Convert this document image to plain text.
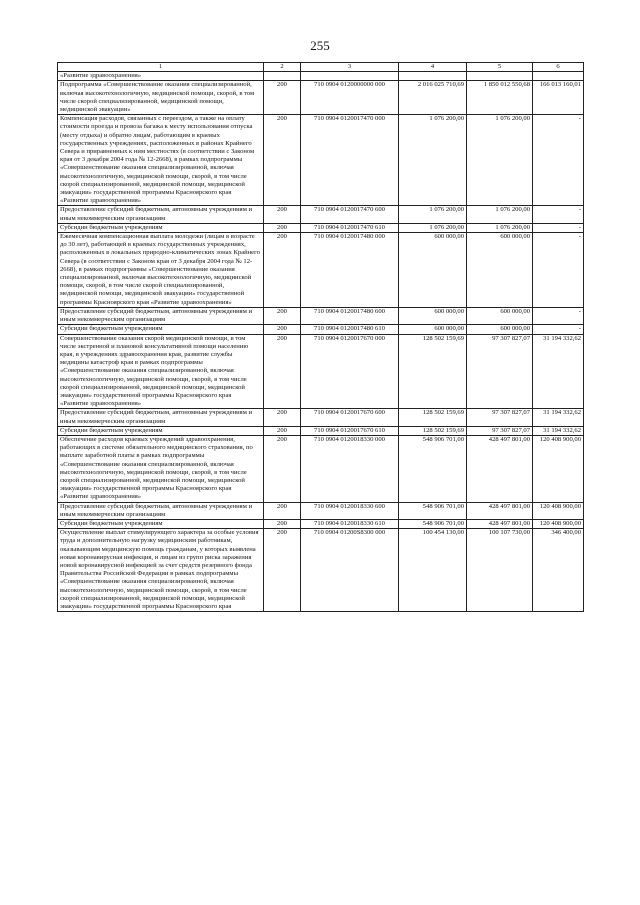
255
1	2	3	4	5	6
«Развитие здравоохранения»					
Подпрограмма «Совершенствование оказания специализированной, включая высокотехнологичную, медицинской помощи, скорой, в том числе скорой специализированной, медицинской помощи, медицинской эвакуации»	200	710 0904 0120000000 000	2 016 025 710,69	1 850 012 550,68	166 013 160,01
Компенсация расходов, связанных с переездом, а также на оплату стоимости проезда и провоза багажа к месту использования отпуска (месту отдыха) и обратно лицам, работающим в краевых государственных учреждениях, расположенных в районах Крайнего Севера и приравненных к ним местностях (в соответствии с Законом края от 3 декабря 2004 года № 12-2668), в рамках подпрограммы «Совершенствование оказания специализированной, включая высокотехнологичную, медицинской помощи, скорой, в том числе скорой специализированной, медицинской помощи, медицинской эвакуации» государственной программы Красноярского края «Развитие здравоохранения»	200	710 0904 0120017470 000	1 076 200,00	1 076 200,00	-
Предоставление субсидий бюджетным, автономным учреждениям и иным некоммерческим организациям	200	710 0904 0120017470 600	1 076 200,00	1 076 200,00	-
Субсидии бюджетным учреждениям	200	710 0904 0120017470 610	1 076 200,00	1 076 200,00	-
Ежемесячная компенсационная выплата молодежи (лицам в возрасте до 30 лет), работающей в краевых государственных учреждениях, расположенных в локальных природно-климатических зонах Крайнего Севера (в соответствии с Законом края от 3 декабря 2004 года № 12-2668), в рамках подпрограммы «Совершенствование оказания специализированной, включая высокотехнологичную, медицинской помощи, скорой, в том числе скорой специализированной, медицинской помощи, медицинской эвакуации» государственной программы Красноярского края «Развитие здравоохранения»	200	710 0904 0120017480 000	600 000,00	600 000,00	-
Предоставление субсидий бюджетным, автономным учреждениям и иным некоммерческим организациям	200	710 0904 0120017480 600	600 000,00	600 000,00	-
Субсидии бюджетным учреждениям	200	710 0904 0120017480 610	600 000,00	600 000,00	-
Совершенствование оказания скорой медицинской помощи, в том числе экстренной и плановой консультативной помощи населению края, в учреждениях здравоохранения края, развитие службы медицины катастроф края в рамках подпрограммы «Совершенствование оказания специализированной, включая высокотехнологичную, медицинской помощи, скорой, в том числе скорой специализированной, медицинской помощи, медицинской эвакуации» государственной программы Красноярского края «Развитие здравоохранения»	200	710 0904 0120017670 000	128 502 159,69	97 307 827,07	31 194 332,62
Предоставление субсидий бюджетным, автономным учреждениям и иным некоммерческим организациям	200	710 0904 0120017670 600	128 502 159,69	97 307 827,07	31 194 332,62
Субсидии бюджетным учреждениям	200	710 0904 0120017670 610	128 502 159,69	97 307 827,07	31 194 332,62
Обеспечение расходов краевых учреждений здравоохранения, работающих в системе обязательного медицинского страхования, по выплате заработной платы в рамках подпрограммы «Совершенствование оказания специализированной, включая высокотехнологичную, медицинской помощи, скорой, в том числе скорой специализированной, медицинской помощи, медицинской эвакуации» государственной программы Красноярского края «Развитие здравоохранения»	200	710 0904 0120018330 000	548 906 701,00	428 497 801,00	120 408 900,00
Предоставление субсидий бюджетным, автономным учреждениям и иным некоммерческим организациям	200	710 0904 0120018330 600	548 906 701,00	428 497 801,00	120 408 900,00
Субсидии бюджетным учреждениям	200	710 0904 0120018330 610	548 906 701,00	428 497 801,00	120 408 900,00
Осуществление выплат стимулирующего характера за особые условия труда и дополнительную нагрузку медицинским работникам, оказывающим медицинскую помощь гражданам, у которых выявлена новая коронавирусная инфекция, и лицам из групп риска заражения новой коронавирусной инфекцией за счет средств резервного фонда Правительства Российской Федерации в рамках подпрограммы «Совершенствование оказания специализированной, включая высокотехнологичную, медицинской помощи, скорой, в том числе скорой специализированной, медицинской помощи, медицинской эвакуации» государственной программы Красноярского края	200	710 0904 01200S8300 000	100 454 130,00	100 107 730,00	346 400,00
